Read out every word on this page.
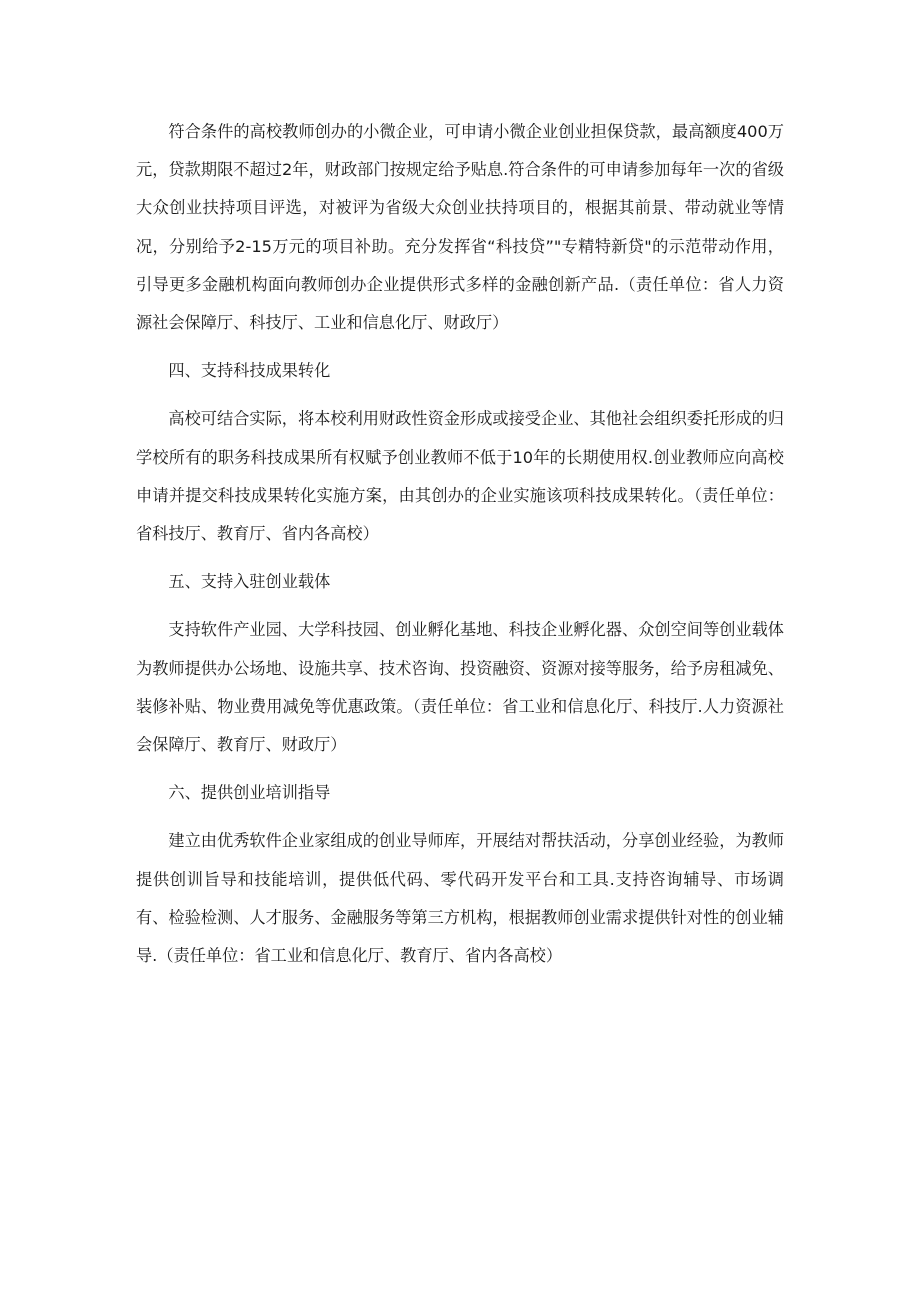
符合条件的高校教师创办的小微企业，可申请小微企业创业担保贷款，最高额度400万元，贷款期限不超过2年，财政部门按规定给予贴息.符合条件的可申请参加每年一次的省级大众创业扶持项目评选，对被评为省级大众创业扶持项目的，根据其前景、带动就业等情况，分别给予2-15万元的项目补助。充分发挥省“科技贷”"专精特新贷"的示范带动作用，引导更多金融机构面向教师创办企业提供形式多样的金融创新产品.（责任单位：省人力资源社会保障厅、科技厅、工业和信息化厅、财政厅）

四、支持科技成果转化

高校可结合实际，将本校利用财政性资金形成或接受企业、其他社会组织委托形成的归学校所有的职务科技成果所有权赋予创业教师不低于10年的长期使用权.创业教师应向高校申请并提交科技成果转化实施方案，由其创办的企业实施该项科技成果转化。（责任单位：省科技厅、教育厅、省内各高校）

五、支持入驻创业载体

支持软件产业园、大学科技园、创业孵化基地、科技企业孵化器、众创空间等创业载体为教师提供办公场地、设施共享、技术咨询、投资融资、资源对接等服务，给予房租减免、装修补贴、物业费用减免等优惠政策。（责任单位：省工业和信息化厅、科技厅.人力资源社会保障厅、教育厅、财政厅）

六、提供创业培训指导

建立由优秀软件企业家组成的创业导师库，开展结对帮扶活动，分享创业经验，为教师提供创训旨导和技能培训，提供低代码、零代码开发平台和工具.支持咨询辅导、市场调有、检验检测、人才服务、金融服务等第三方机构，根据教师创业需求提供针对性的创业辅导.（责任单位：省工业和信息化厅、教育厅、省内各高校）
